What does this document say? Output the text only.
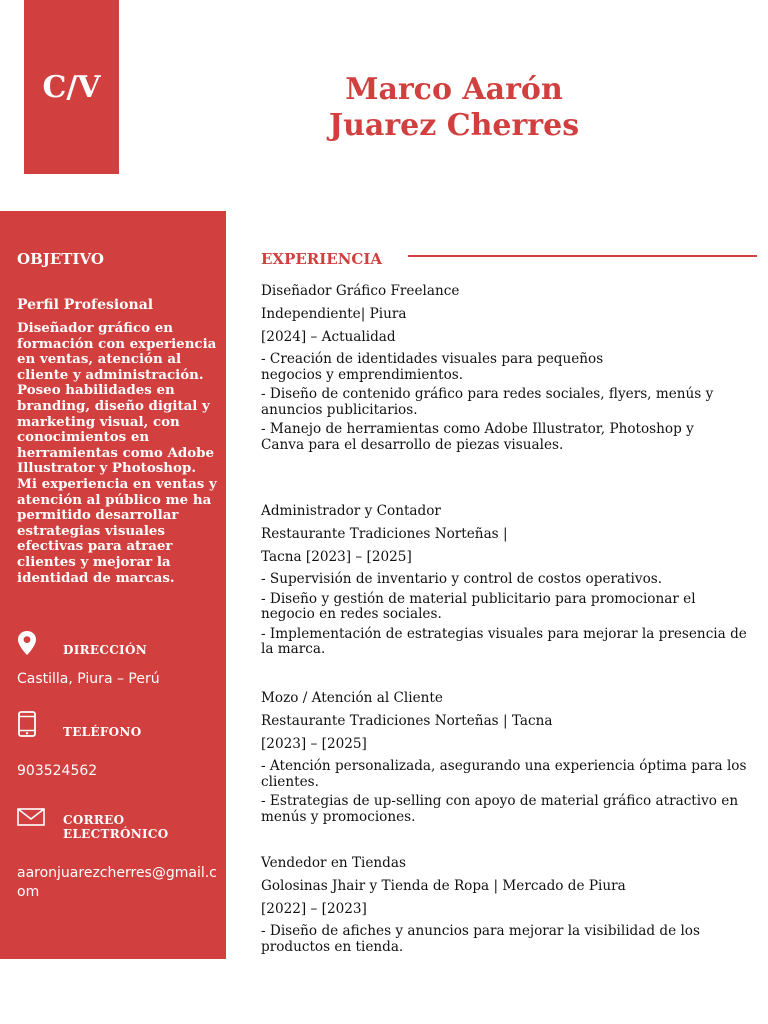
C/V	Marco Aarón
Juarez Cherres
OBJETIVO
Perfil Profesional

Diseñador gráfico en formación con experiencia en ventas, atención al cliente y administración.

Poseo habilidades en branding, diseño digital y marketing visual, con conocimientos en herramientas como Adobe Illustrator y Photoshop.

Mi experiencia en ventas y atención al público me ha permitido desarrollar estrategias visuales efectivas para atraer clientes y mejorar la identidad de marcas.

DIRECCIÓN
Castilla, Piura – Perú
TELÉFONO
903524562
CORREO
ELECTRÓNICO
aaronjuarezcherres@gmail.c om
EXPERIENCIA
Diseñador Gráfico Freelance
Independiente| Piura
[2024] – Actualidad
- Creación de identidades visuales para pequeños negocios y emprendimientos.
- Diseño de contenido gráfico para redes sociales, flyers, menús y anuncios publicitarios.
- Manejo de herramientas como Adobe Illustrator, Photoshop y Canva para el desarrollo de piezas visuales.
Administrador y Contador
Restaurante Tradiciones Norteñas |
Tacna [2023] – [2025]
- Supervisión de inventario y control de costos operativos.
- Diseño y gestión de material publicitario para promocionar el negocio en redes sociales.
- Implementación de estrategias visuales para mejorar la presencia de la marca.
Mozo / Atención al Cliente
Restaurante Tradiciones Norteñas | Tacna
[2023] – [2025]
- Atención personalizada, asegurando una experiencia óptima para los clientes.
- Estrategias de up-selling con apoyo de material gráfico atractivo en menús y promociones.
Vendedor en Tiendas
Golosinas Jhair y Tienda de Ropa | Mercado de Piura
[2022] – [2023]
- Diseño de afiches y anuncios para mejorar la visibilidad de los productos en tienda.
